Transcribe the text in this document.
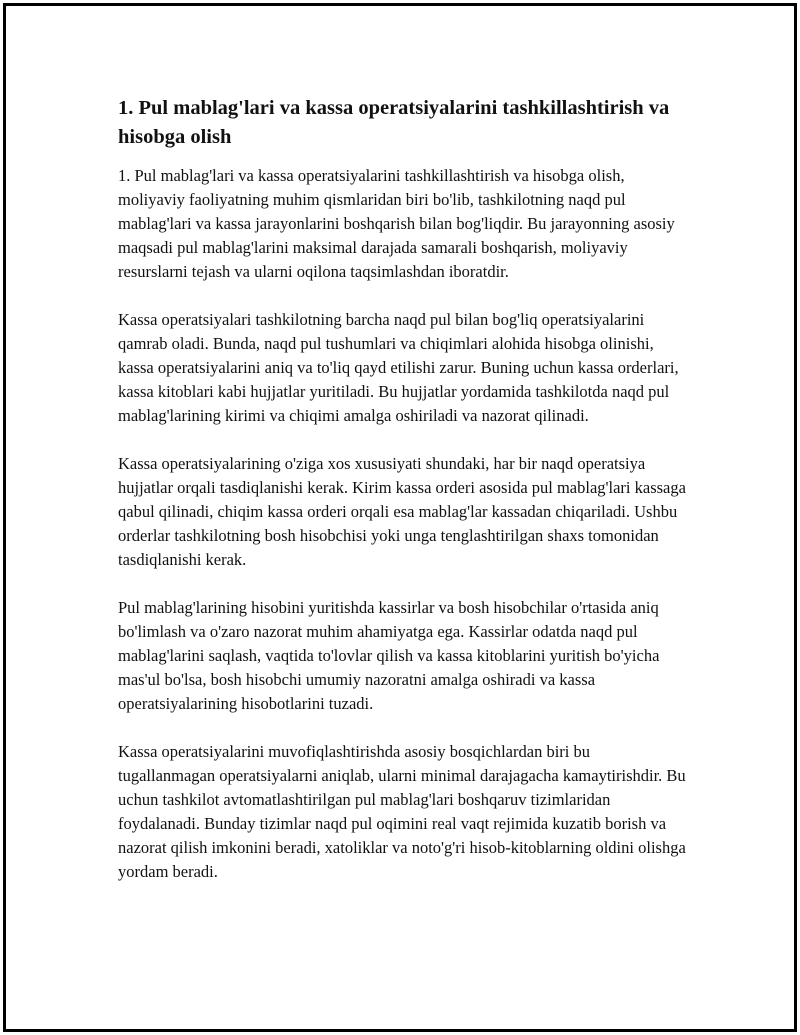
1. Pul mablag'lari va kassa operatsiyalarini tashkillashtirish va hisobga olish

1. Pul mablag'lari va kassa operatsiyalarini tashkillashtirish va hisobga olish, moliyaviy faoliyatning muhim qismlaridan biri bo'lib, tashkilotning naqd pul mablag'lari va kassa jarayonlarini boshqarish bilan bog'liqdir. Bu jarayonning asosiy maqsadi pul mablag'larini maksimal darajada samarali boshqarish, moliyaviy resurslarni tejash va ularni oqilona taqsimlashdan iboratdir.

Kassa operatsiyalari tashkilotning barcha naqd pul bilan bog'liq operatsiyalarini qamrab oladi. Bunda, naqd pul tushumlari va chiqimlari alohida hisobga olinishi, kassa operatsiyalarini aniq va to'liq qayd etilishi zarur. Buning uchun kassa orderlari, kassa kitoblari kabi hujjatlar yuritiladi. Bu hujjatlar yordamida tashkilotda naqd pul mablag'larining kirimi va chiqimi amalga oshiriladi va nazorat qilinadi.

Kassa operatsiyalarining o'ziga xos xususiyati shundaki, har bir naqd operatsiya hujjatlar orqali tasdiqlanishi kerak. Kirim kassa orderi asosida pul mablag'lari kassaga qabul qilinadi, chiqim kassa orderi orqali esa mablag'lar kassadan chiqariladi. Ushbu orderlar tashkilotning bosh hisobchisi yoki unga tenglashtirilgan shaxs tomonidan tasdiqlanishi kerak.

Pul mablag'larining hisobini yuritishda kassirlar va bosh hisobchilar o'rtasida aniq bo'limlash va o'zaro nazorat muhim ahamiyatga ega. Kassirlar odatda naqd pul mablag'larini saqlash, vaqtida to'lovlar qilish va kassa kitoblarini yuritish bo'yicha mas'ul bo'lsa, bosh hisobchi umumiy nazoratni amalga oshiradi va kassa operatsiyalarining hisobotlarini tuzadi.

Kassa operatsiyalarini muvofiqlashtirishda asosiy bosqichlardan biri bu tugallanmagan operatsiyalarni aniqlab, ularni minimal darajagacha kamaytirishdir. Bu uchun tashkilot avtomatlashtirilgan pul mablag'lari boshqaruv tizimlaridan foydalanadi. Bunday tizimlar naqd pul oqimini real vaqt rejimida kuzatib borish va nazorat qilish imkonini beradi, xatoliklar va noto'g'ri hisob-kitoblarning oldini olishga yordam beradi.
